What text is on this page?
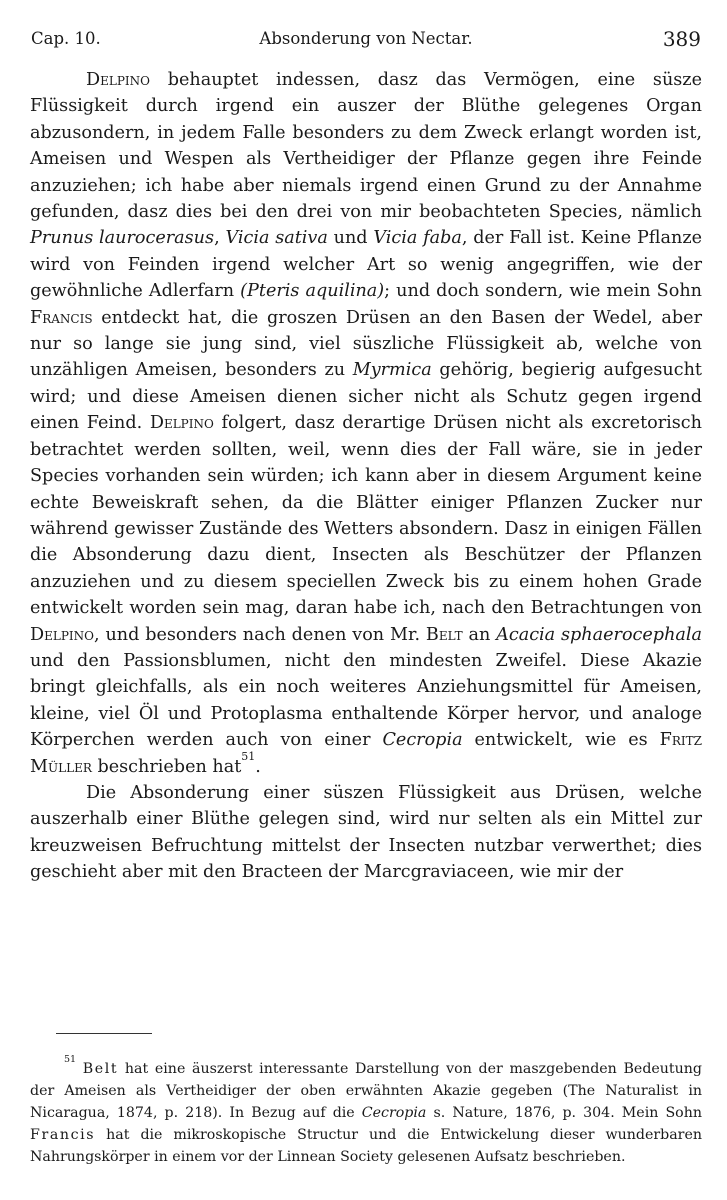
Cap. 10.	Absonderung von Nectar.	389

Delpino behauptet indessen, dasz das Vermögen, eine süsze Flüssigkeit durch irgend ein auszer der Blüthe gelegenes Organ abzusondern, in jedem Falle besonders zu dem Zweck erlangt worden ist, Ameisen und Wespen als Vertheidiger der Pflanze gegen ihre Feinde anzuziehen; ich habe aber niemals irgend einen Grund zu der Annahme gefunden, dasz dies bei den drei von mir beobachteten Species, nämlich Prunus laurocerasus, Vicia sativa und Vicia faba, der Fall ist. Keine Pflanze wird von Feinden irgend welcher Art so wenig angegriffen, wie der gewöhnliche Adlerfarn (Pteris aquilina); und doch sondern, wie mein Sohn Francis entdeckt hat, die groszen Drüsen an den Basen der Wedel, aber nur so lange sie jung sind, viel süszliche Flüssigkeit ab, welche von unzähligen Ameisen, besonders zu Myrmica gehörig, begierig aufgesucht wird; und diese Ameisen dienen sicher nicht als Schutz gegen irgend einen Feind. Delpino folgert, dasz derartige Drüsen nicht als excretorisch betrachtet werden sollten, weil, wenn dies der Fall wäre, sie in jeder Species vorhanden sein würden; ich kann aber in diesem Argument keine echte Beweiskraft sehen, da die Blätter einiger Pflanzen Zucker nur während gewisser Zustände des Wetters absondern. Dasz in einigen Fällen die Absonderung dazu dient, Insecten als Beschützer der Pflanzen anzuziehen und zu diesem speciellen Zweck bis zu einem hohen Grade entwickelt worden sein mag, daran habe ich, nach den Betrachtungen von Delpino, und besonders nach denen von Mr. Belt an Acacia sphaerocephala und den Passionsblumen, nicht den mindesten Zweifel. Diese Akazie bringt gleichfalls, als ein noch weiteres Anziehungsmittel für Ameisen, kleine, viel Öl und Protoplasma enthaltende Körper hervor, und analoge Körperchen werden auch von einer Cecropia entwickelt, wie es Fritz Müller beschrieben hat$^{51}$.

Die Absonderung einer süszen Flüssigkeit aus Drüsen, welche auszerhalb einer Blüthe gelegen sind, wird nur selten als ein Mittel zur kreuzweisen Befruchtung mittelst der Insecten nutzbar verwerthet; dies geschieht aber mit den Bracteen der Marcgraviaceen, wie mir der

$^{51}$ Belt hat eine äuszerst interessante Darstellung von der maszgebenden Bedeutung der Ameisen als Vertheidiger der oben erwähnten Akazie gegeben (The Naturalist in Nicaragua, 1874, p. 218). In Bezug auf die Cecropia s. Nature, 1876, p. 304. Mein Sohn Francis hat die mikroskopische Structur und die Entwickelung dieser wunderbaren Nahrungskörper in einem vor der Linnean Society gelesenen Aufsatz beschrieben.
